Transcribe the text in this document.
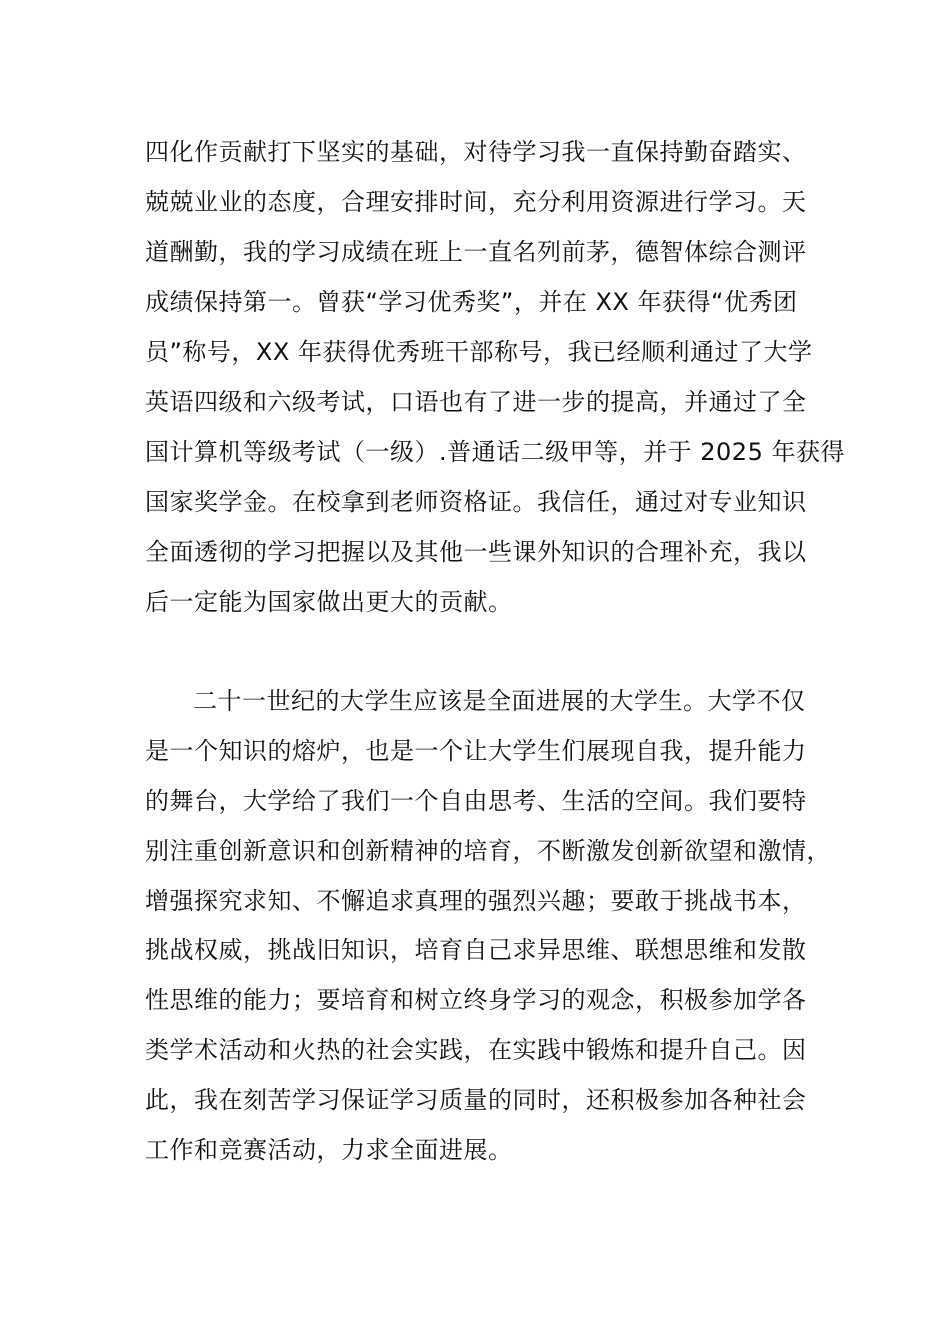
四化作贡献打下坚实的基础，对待学习我一直保持勤奋踏实、

兢兢业业的态度，合理安排时间，充分利用资源进行学习。天

道酬勤，我的学习成绩在班上一直名列前茅，德智体综合测评

成绩保持第一。曾获“学习优秀奖”，并在 XX 年获得“优秀团

员”称号，XX 年获得优秀班干部称号，我已经顺利通过了大学

英语四级和六级考试，口语也有了进一步的提高，并通过了全

国计算机等级考试（一级）.普通话二级甲等，并于 2025 年获得

国家奖学金。在校拿到老师资格证。我信任，通过对专业知识

全面透彻的学习把握以及其他一些课外知识的合理补充，我以

后一定能为国家做出更大的贡献。

二十一世纪的大学生应该是全面进展的大学生。大学不仅

是一个知识的熔炉，也是一个让大学生们展现自我，提升能力

的舞台，大学给了我们一个自由思考、生活的空间。我们要特

别注重创新意识和创新精神的培育，不断激发创新欲望和激情，

增强探究求知、不懈追求真理的强烈兴趣；要敢于挑战书本，

挑战权威，挑战旧知识，培育自己求异思维、联想思维和发散

性思维的能力；要培育和树立终身学习的观念，积极参加学各

类学术活动和火热的社会实践，在实践中锻炼和提升自己。因

此，我在刻苦学习保证学习质量的同时，还积极参加各种社会

工作和竞赛活动，力求全面进展。
